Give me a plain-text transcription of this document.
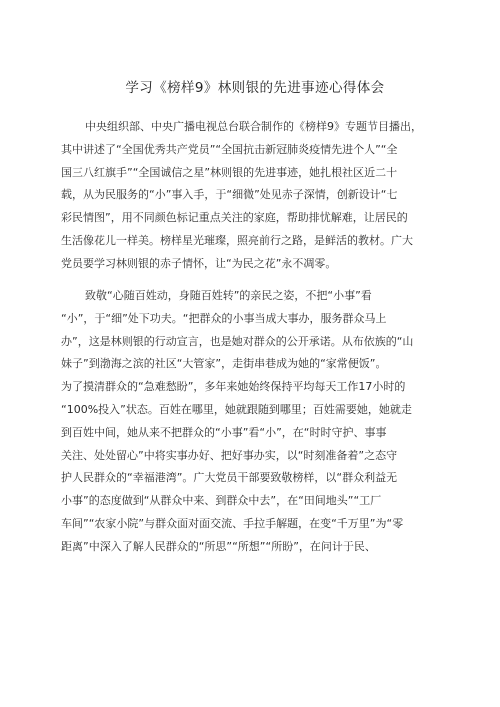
学习《榜样9》林则银的先进事迹心得体会
中央组织部、中央广播电视总台联合制作的《榜样9》专题节目播出，
其中讲述了“全国优秀共产党员”“全国抗击新冠肺炎疫情先进个人”“全
国三八红旗手”“全国诚信之星”林则银的先进事迹，她扎根社区近二十
载，从为民服务的“小”事入手，于“细微”处见赤子深情，创新设计“七
彩民情图”，用不同颜色标记重点关注的家庭，帮助排忧解难，让居民的
生活像花儿一样美。榜样星光璀璨，照亮前行之路，是鲜活的教材。广大
党员要学习林则银的赤子情怀，让“为民之花”永不凋零。
致敬“心随百姓动，身随百姓转”的亲民之姿，不把“小事”看
“小”，于“细”处下功夫。“把群众的小事当成大事办，服务群众马上
办”，这是林则银的行动宣言，也是她对群众的公开承诺。从布依族的“山
妹子”到渤海之滨的社区“大管家”，走街串巷成为她的“家常便饭”。
为了摸清群众的“急难愁盼”，多年来她始终保持平均每天工作17小时的
“100%投入”状态。百姓在哪里，她就跟随到哪里；百姓需要她，她就走
到百姓中间，她从来不把群众的“小事”看“小”，在“时时守护、事事
关注、处处留心”中将实事办好、把好事办实，以“时刻准备着”之态守
护人民群众的“幸福港湾”。广大党员干部要致敬榜样，以“群众利益无
小事”的态度做到“从群众中来、到群众中去”，在“田间地头”“工厂
车间”“农家小院”与群众面对面交流、手拉手解题，在变“千万里”为“零
距离”中深入了解人民群众的“所思”“所想”“所盼”，在问计于民、
